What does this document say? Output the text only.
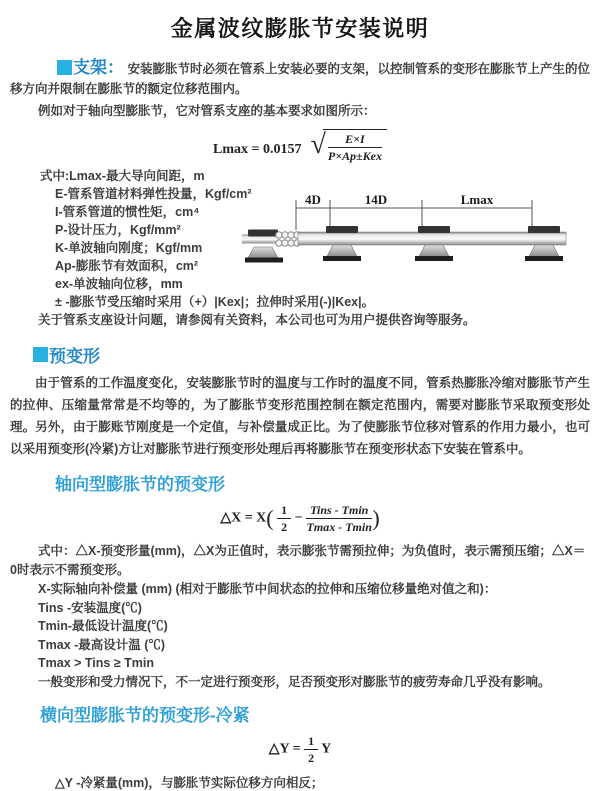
金属波纹膨胀节安装说明
支架： 安装膨胀节时必须在管系上安装必要的支架，以控制管系的变形在膨胀节上产生的位移方向并限制在膨胀节的额定位移范围内。
例如对于轴向型膨胀节，它对管系支座的基本要求如图所示：
Lmax = 0.0157 √ $\frac{E\times I}{\text{P×Ap±Kex}}$
式中:Lmax-最大导向间距，m
E-管系管道材料弹性投量，Kgf/cm²
I-管系管道的惯性矩，cm⁴
P-设计压力，Kgf/mm²
K-单波轴向刚度；Kgf/mm
Ap-膨胀节有效面积，cm²
ex-单波轴向位移，mm
± -膨胀节受压缩时采用（+）|Kex|；拉伸时采用(-)|Kex|。
关于管系支座设计问题，请参阅有关资料，本公司也可为用户提供咨询等服务。
4D	14D	Lmax
预变形
由于管系的工作温度变化，安装膨胀节时的温度与工作时的温度不同，管系热膨胀冷缩对膨胀节产生的拉伸、压缩量常常是不均等的，为了膨胀节变形范围控制在额定范围内，需要对膨胀节采取预变形处理。另外，由于膨账节刚度是一个定值，与补偿量成正比。为了使膨胀节位移对管系的作用力最小，也可以采用预变形(冷紧)方让对膨胀节进行预变形处理后再将膨胀节在预变形状态下安装在管系中。
轴向型膨胀节的预变形
△X = $X( \frac{1}{2} - \frac{\text{Tins - Tmin}}{Tmax - Tmin}$ )
式中：△X-预变形量(mm)，△X为正值时，表示膨张节需预拉伸；为负值时，表示需预压缩；△X＝0时表示不需预变形。
X-实际轴向补偿量 (mm) (相对于膨胀节中间状态的拉伸和压缩位移量绝对值之和)：
Tins -安装温度(℃)
Tmin-最低设计温度(℃)
Tmax -最高设计温 (℃)
Tmax > Tins ≥ Tmin
一般变形和受力情况下，不一定进行预变形，足否预变形对膨胀节的疲劳寿命几乎没有影响。
横向型膨胀节的预变形-冷紧
△Y = $\frac{1}{2}$ Y
△Y -冷紧量(mm)，与膨胀节实际位移方向相反；
